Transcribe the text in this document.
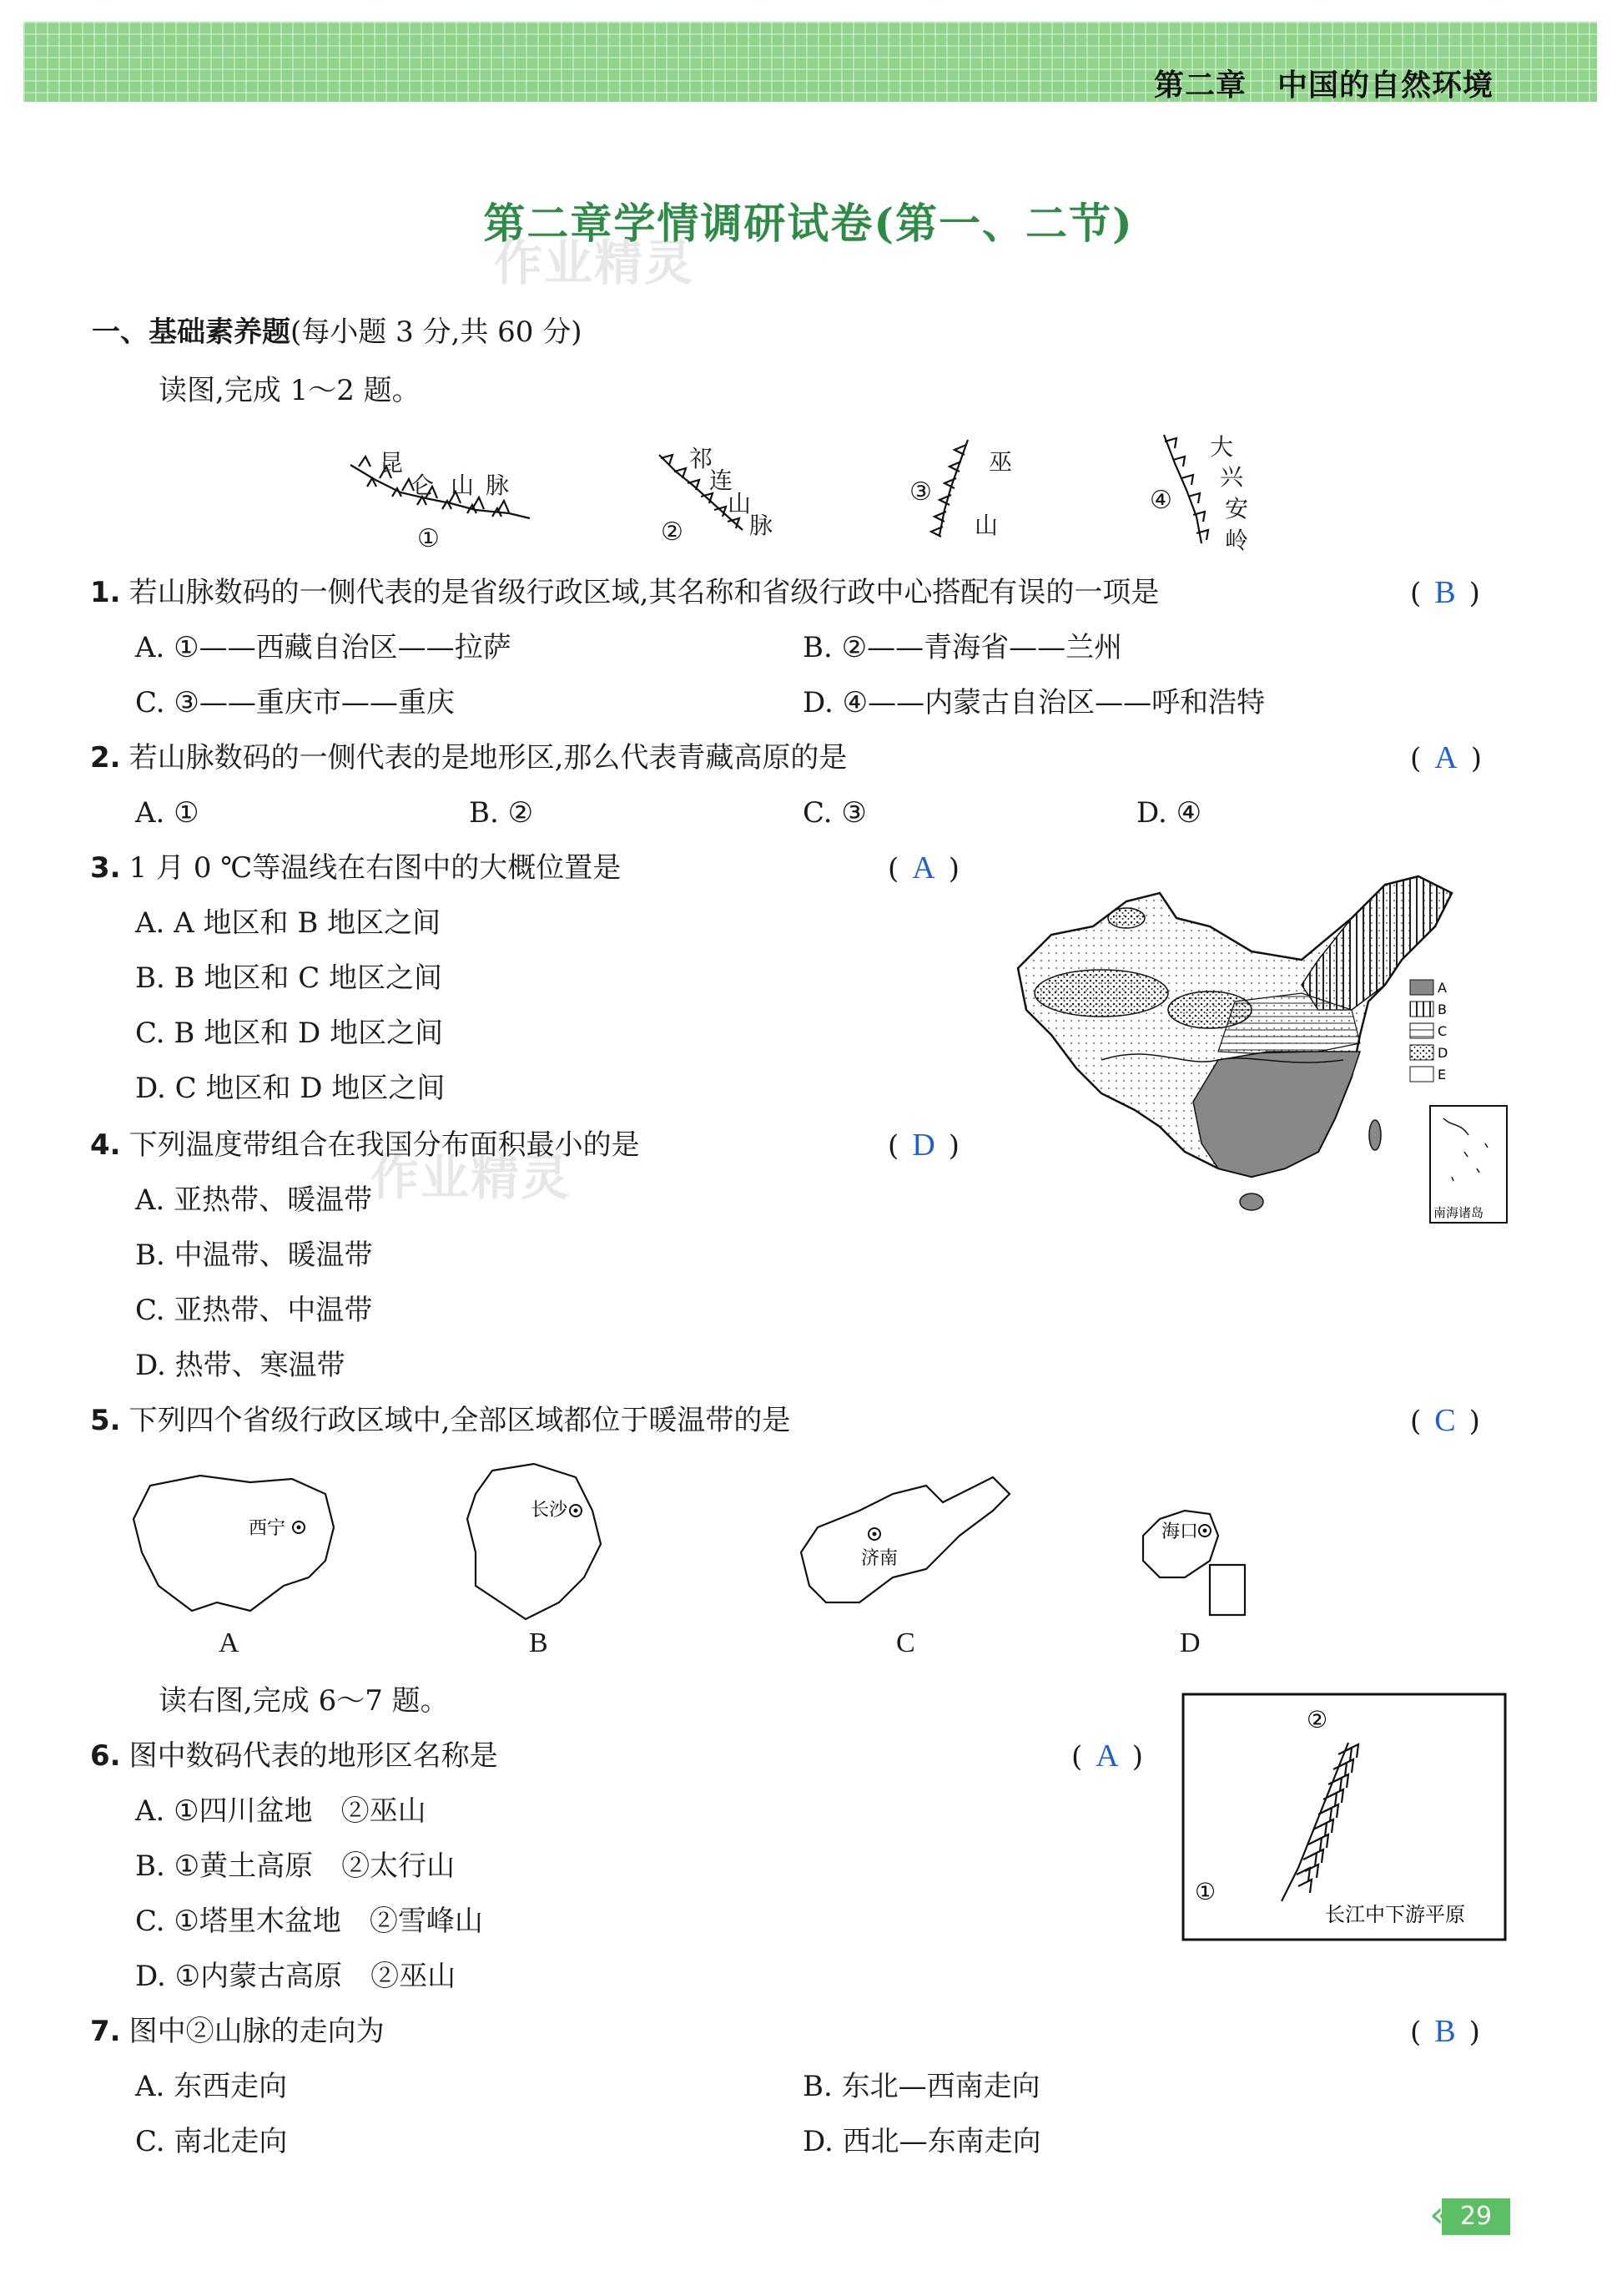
第二章　中国的自然环境
第二章学情调研试卷(第一、二节)
作业精灵
作业精灵
一、基础素养题(每小题 3 分,共 60 分)
读图,完成 1～2 题。
昆
仑 山 脉
①
祁
连
山
脉
②
巫
山
③
大
兴
安
岭
④
1. 若山脉数码的一侧代表的是省级行政区域,其名称和省级行政中心搭配有误的一项是	( B )
A. ①——西藏自治区——拉萨	B. ②——青海省——兰州
C. ③——重庆市——重庆	D. ④——内蒙古自治区——呼和浩特
2. 若山脉数码的一侧代表的是地形区,那么代表青藏高原的是	( A )
A. ①	B. ②	C. ③	D. ④
3. 1 月 0 ℃等温线在右图中的大概位置是	( A )
A. A 地区和 B 地区之间
B. B 地区和 C 地区之间
C. B 地区和 D 地区之间
D. C 地区和 D 地区之间
4. 下列温度带组合在我国分布面积最小的是	( D )
A. 亚热带、暖温带
B. 中温带、暖温带
C. 亚热带、中温带
D. 热带、寒温带
A
B
C
D
E
南海诸岛
5. 下列四个省级行政区域中,全部区域都位于暖温带的是	( C )
西宁
长沙
济南
海口
A	B	C	D
读右图,完成 6～7 题。
6. 图中数码代表的地形区名称是	( A )
A. ①四川盆地　②巫山
B. ①黄土高原　②太行山
C. ①塔里木盆地　②雪峰山
D. ①内蒙古高原　②巫山
②
①
长江中下游平原
7. 图中②山脉的走向为	( B )
A. 东西走向	B. 东北—西南走向
C. 南北走向	D. 西北—东南走向
« 29
